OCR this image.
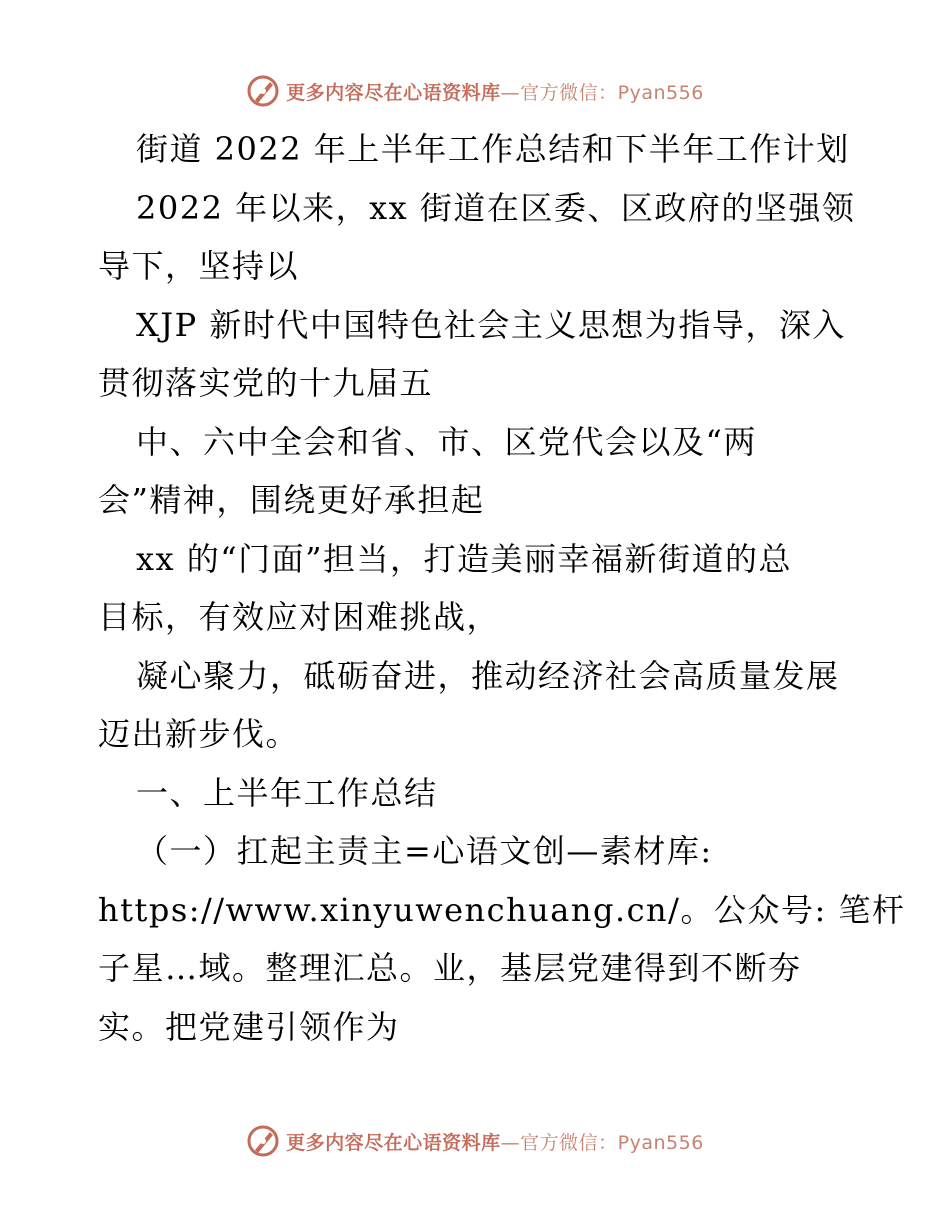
更多内容尽在心语资料库—官方微信：Pyan556
街道 2022 年上半年工作总结和下半年工作计划
2022 年以来，xx 街道在区委、区政府的坚强领
导下，坚持以
XJP 新时代中国特色社会主义思想为指导，深入
贯彻落实党的十九届五
中、六中全会和省、市、区党代会以及“两
会”精神，围绕更好承担起
xx 的“门面”担当，打造美丽幸福新街道的总
目标，有效应对困难挑战，
凝心聚力，砥砺奋进，推动经济社会高质量发展
迈出新步伐。
一、上半年工作总结
（一）扛起主责主=心语文创—素材库:
https://www.xinyuwenchuang.cn/。公众号: 笔杆
子星…域。整理汇总。业，基层党建得到不断夯
实。把党建引领作为
更多内容尽在心语资料库—官方微信：Pyan556
